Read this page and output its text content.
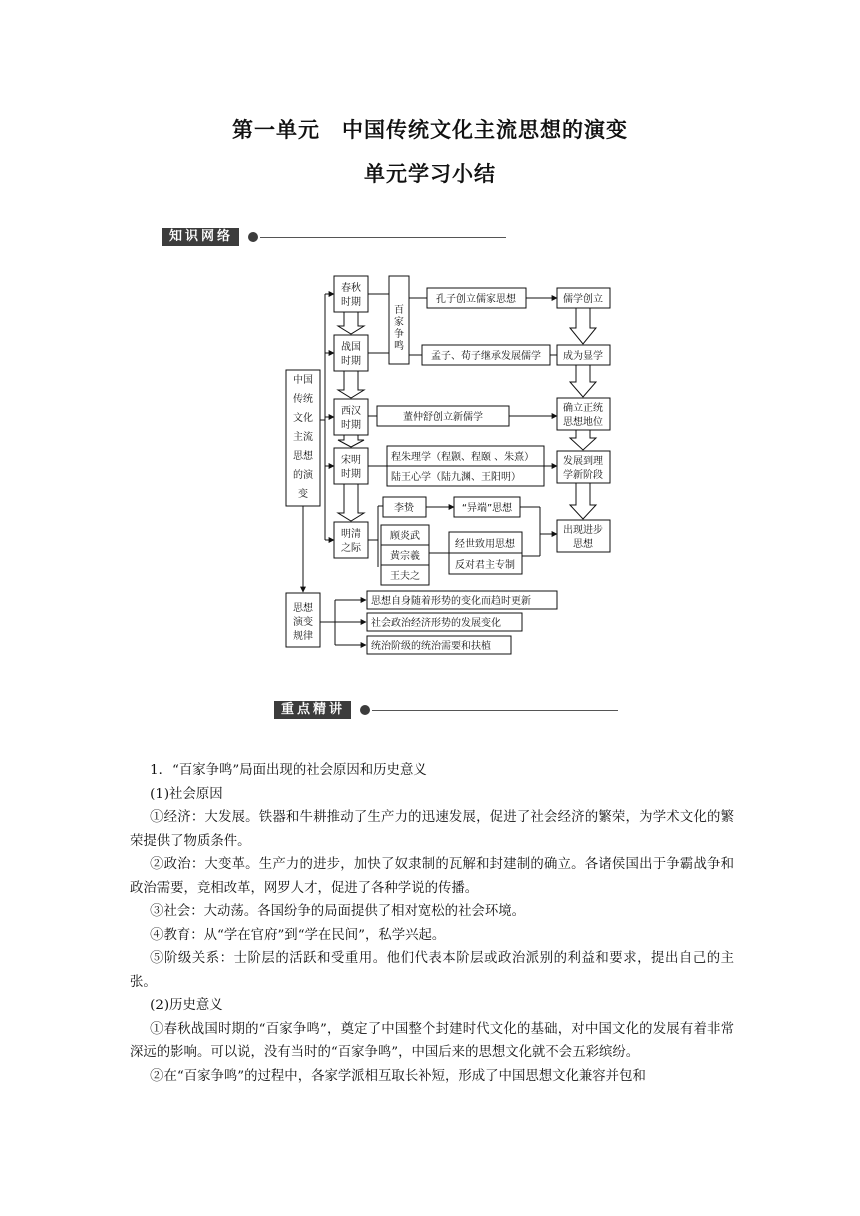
第一单元　中国传统文化主流思想的演变
单元学习小结
知识网络
中国
传统
文化
主流
思想
的演
变
春秋
时期
战国
时期
西汉
时期
宋明
时期
明清
之际
百
家
争
鸣
孔子创立儒家思想
孟子、荀子继承发展儒学
董仲舒创立新儒学
程朱理学（程颢、程颐 、朱熹）
陆王心学（陆九渊、王阳明）
李贽	“异端”思想
顾炎武
黄宗羲
王夫之
经世致用思想
反对君主专制
儒学创立
成为显学
确立正统
思想地位
发展到理
学新阶段
出现进步
思想
思想
演变
规律
思想自身随着形势的变化而趋时更新
社会政治经济形势的发展变化
统治阶级的统治需要和扶植
重点精讲

1．“百家争鸣”局面出现的社会原因和历史意义

(1)社会原因

①经济：大发展。铁器和牛耕推动了生产力的迅速发展，促进了社会经济的繁荣，为学术文化的繁荣提供了物质条件。

②政治：大变革。生产力的进步，加快了奴隶制的瓦解和封建制的确立。各诸侯国出于争霸战争和政治需要，竞相改革，网罗人才，促进了各种学说的传播。

③社会：大动荡。各国纷争的局面提供了相对宽松的社会环境。

④教育：从“学在官府”到“学在民间”，私学兴起。

⑤阶级关系：士阶层的活跃和受重用。他们代表本阶层或政治派别的利益和要求，提出自己的主张。

(2)历史意义

①春秋战国时期的“百家争鸣”，奠定了中国整个封建时代文化的基础，对中国文化的发展有着非常深远的影响。可以说，没有当时的“百家争鸣”，中国后来的思想文化就不会五彩缤纷。

②在“百家争鸣”的过程中，各家学派相互取长补短，形成了中国思想文化兼容并包和
